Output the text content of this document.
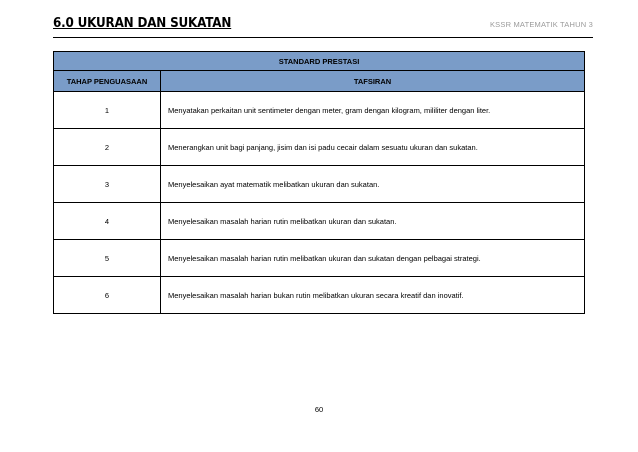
6.0 UKURAN DAN SUKATAN	KSSR MATEMATIK TAHUN 3
STANDARD PRESTASI	
TAHAP PENGUASAAN	TAFSIRAN
1	Menyatakan perkaitan unit sentimeter dengan meter, gram dengan kilogram, mililiter dengan liter.
2	Menerangkan unit bagi panjang, jisim dan isi padu cecair dalam sesuatu ukuran dan sukatan.
3	Menyelesaikan ayat matematik melibatkan ukuran dan sukatan.
4	Menyelesaikan masalah harian rutin melibatkan ukuran dan sukatan.
5	Menyelesaikan masalah harian rutin melibatkan ukuran dan sukatan dengan pelbagai strategi.
6	Menyelesaikan masalah harian bukan rutin melibatkan ukuran secara kreatif dan inovatif.
60
